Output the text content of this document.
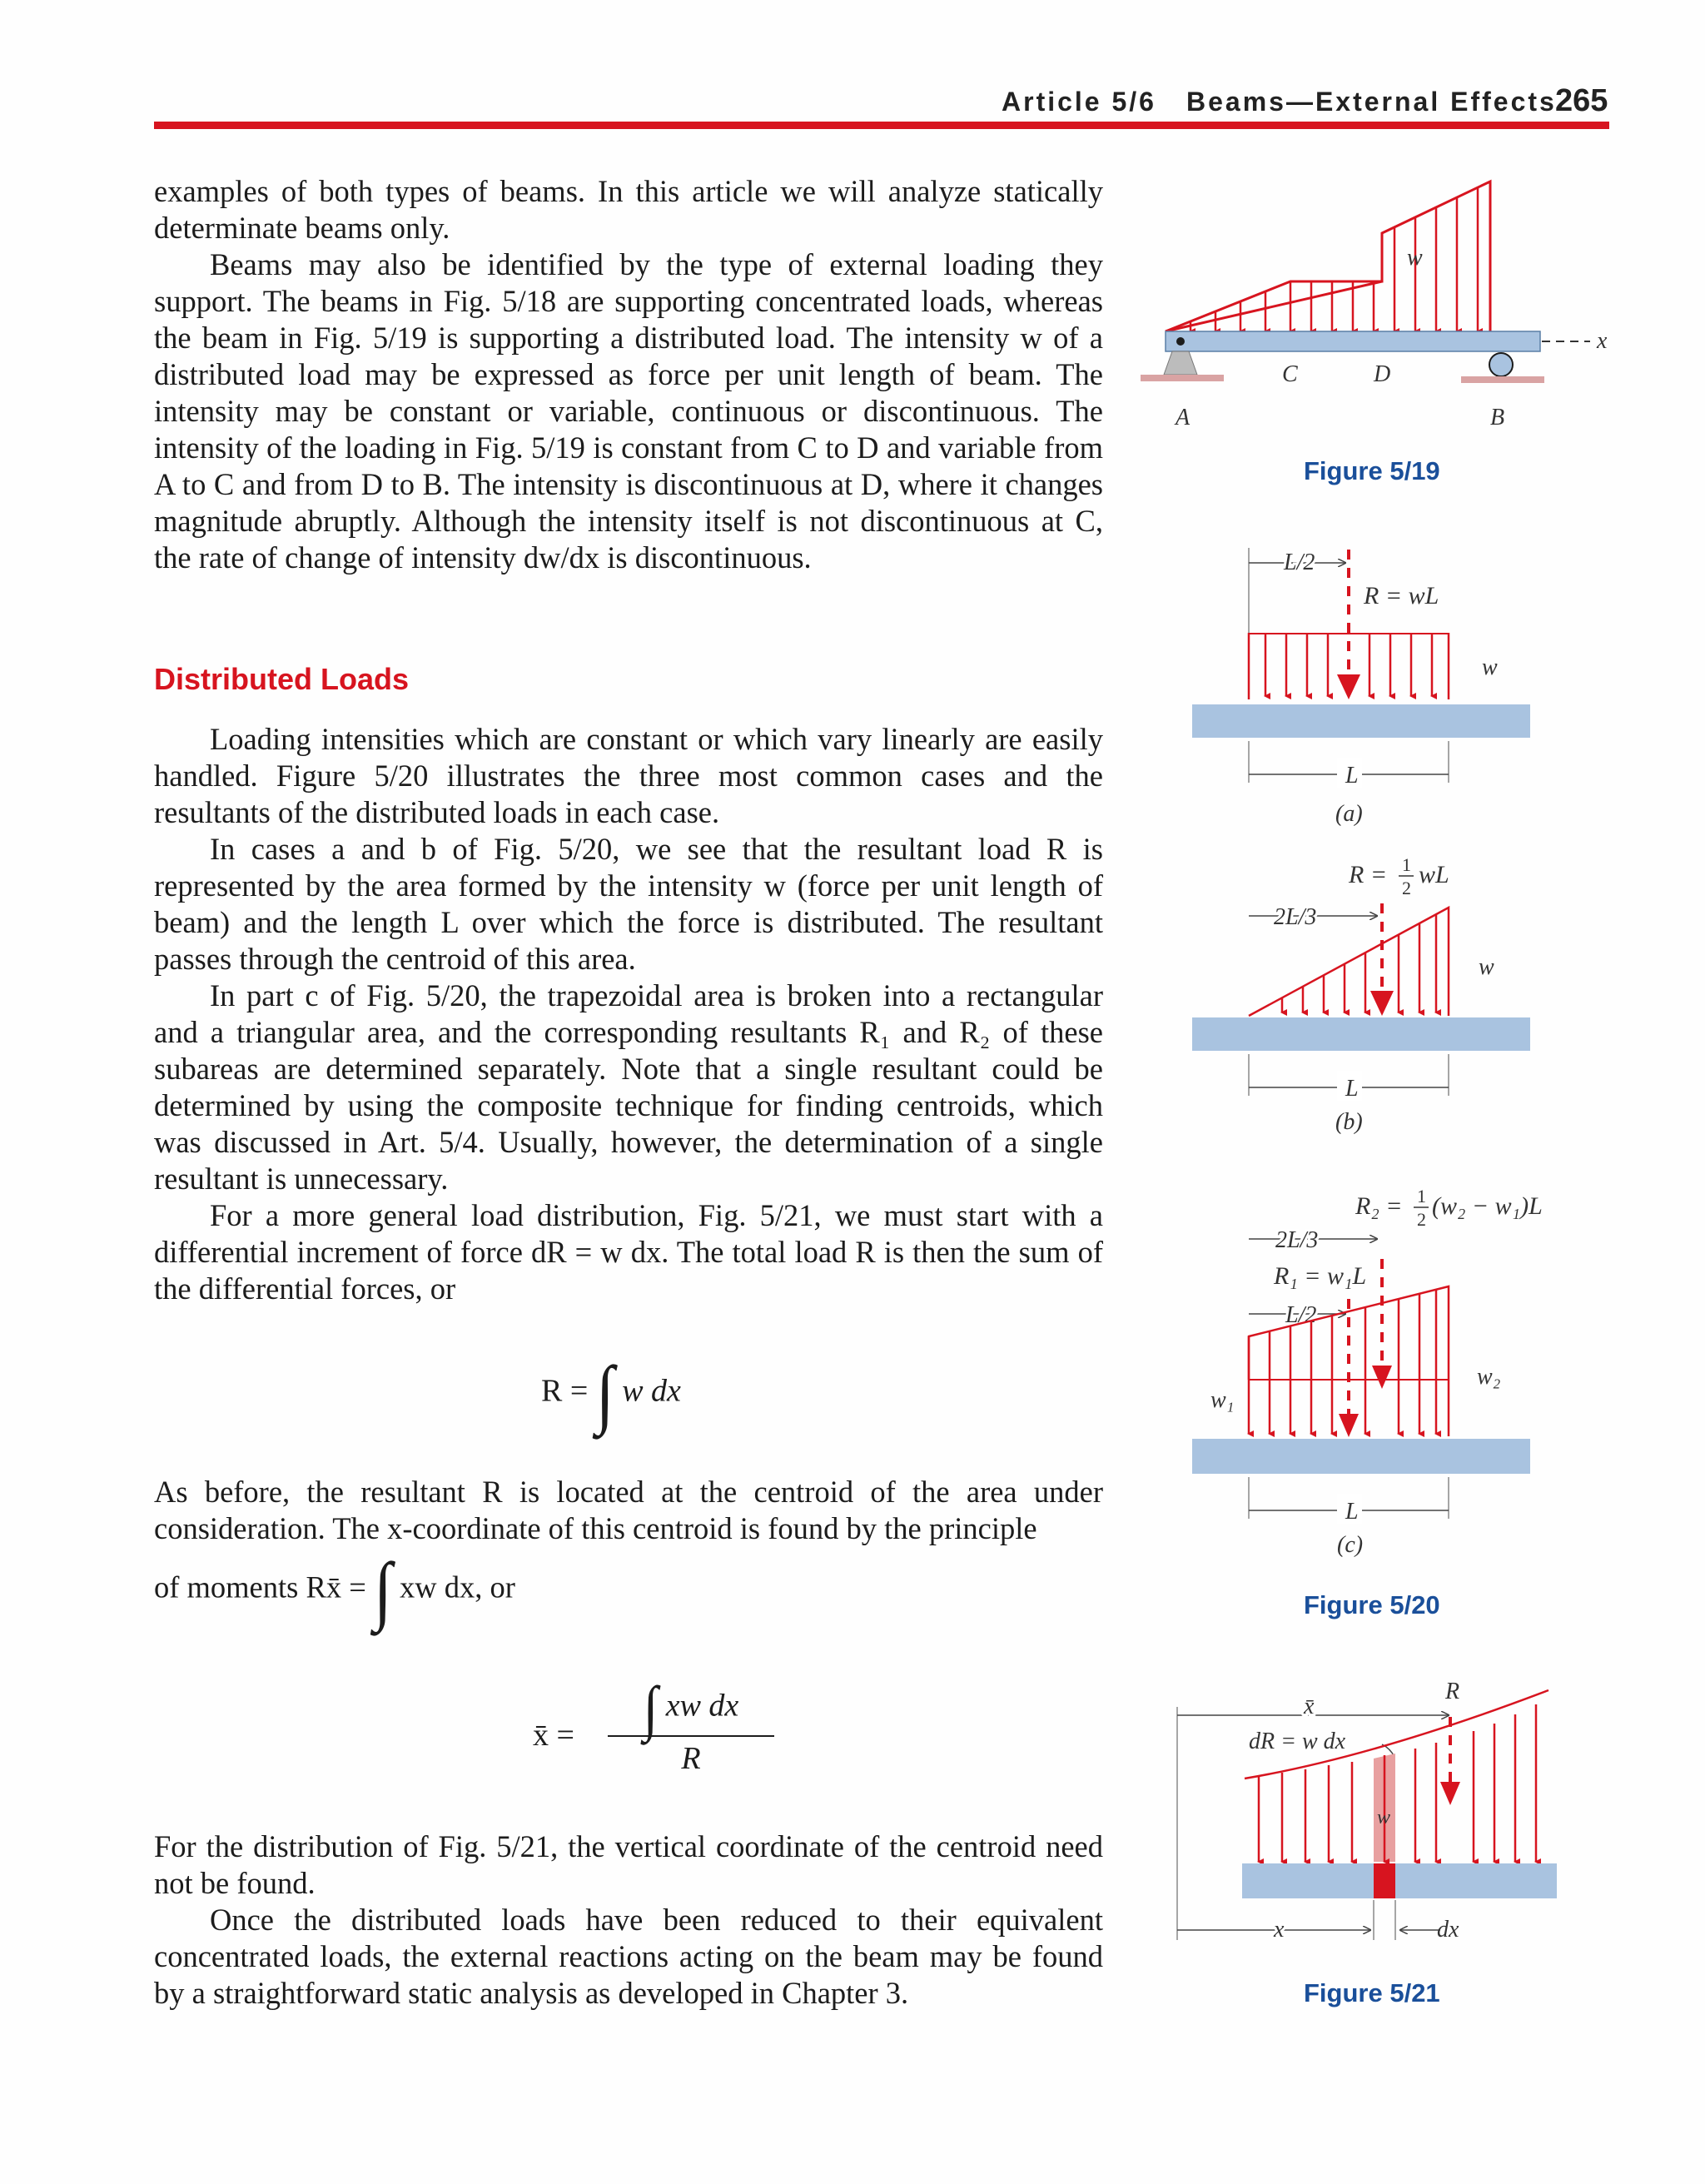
Article 5/6 Beams—External Effects
265

examples of both types of beams. In this article we will analyze statically determinate beams only.

Beams may also be identified by the type of external loading they support. The beams in Fig. 5/18 are supporting concentrated loads, whereas the beam in Fig. 5/19 is supporting a distributed load. The intensity w of a distributed load may be expressed as force per unit length of beam. The intensity may be constant or variable, continuous or discontinuous. The intensity of the loading in Fig. 5/19 is constant from C to D and variable from A to C and from D to B. The intensity is discontinuous at D, where it changes magnitude abruptly. Although the intensity itself is not discontinuous at C, the rate of change of intensity dw/dx is discontinuous.

Distributed Loads

Loading intensities which are constant or which vary linearly are easily handled. Figure 5/20 illustrates the three most common cases and the resultants of the distributed loads in each case.

In cases a and b of Fig. 5/20, we see that the resultant load R is represented by the area formed by the intensity w (force per unit length of beam) and the length L over which the force is distributed. The resultant passes through the centroid of this area.

In part c of Fig. 5/20, the trapezoidal area is broken into a rectangular and a triangular area, and the corresponding resultants R₁ and R₂ of these subareas are determined separately. Note that a single resultant could be determined by using the composite technique for finding centroids, which was discussed in Art. 5/4. Usually, however, the determination of a single resultant is unnecessary.

For a more general load distribution, Fig. 5/21, we must start with a differential increment of force dR = w dx. The total load R is then the sum of the differential forces, or

R = ∫ w dx

As before, the resultant R is located at the centroid of the area under consideration. The x-coordinate of this centroid is found by the principle

of moments Rx̄ = ∫ xw dx, or
x̄ =	∫ xw dx
R

For the distribution of Fig. 5/21, the vertical coordinate of the centroid need not be found.

Once the distributed loads have been reduced to their equivalent concentrated loads, the external reactions acting on the beam may be found by a straightforward static analysis as developed in Chapter 3.

x
w
C	D
A	B
Figure 5/19
L/2
R = wL
w
L
(a)
R = 1
2 wL
2L/3
w
L
(b)
R₂ = 1
2 (w₂ − w₁)L
2L/3
R₁ = w₁L
L/2
w₁
w₂
L
(c)
Figure 5/20
x̄
R
dR = w dx
w
x	dx
Figure 5/21
